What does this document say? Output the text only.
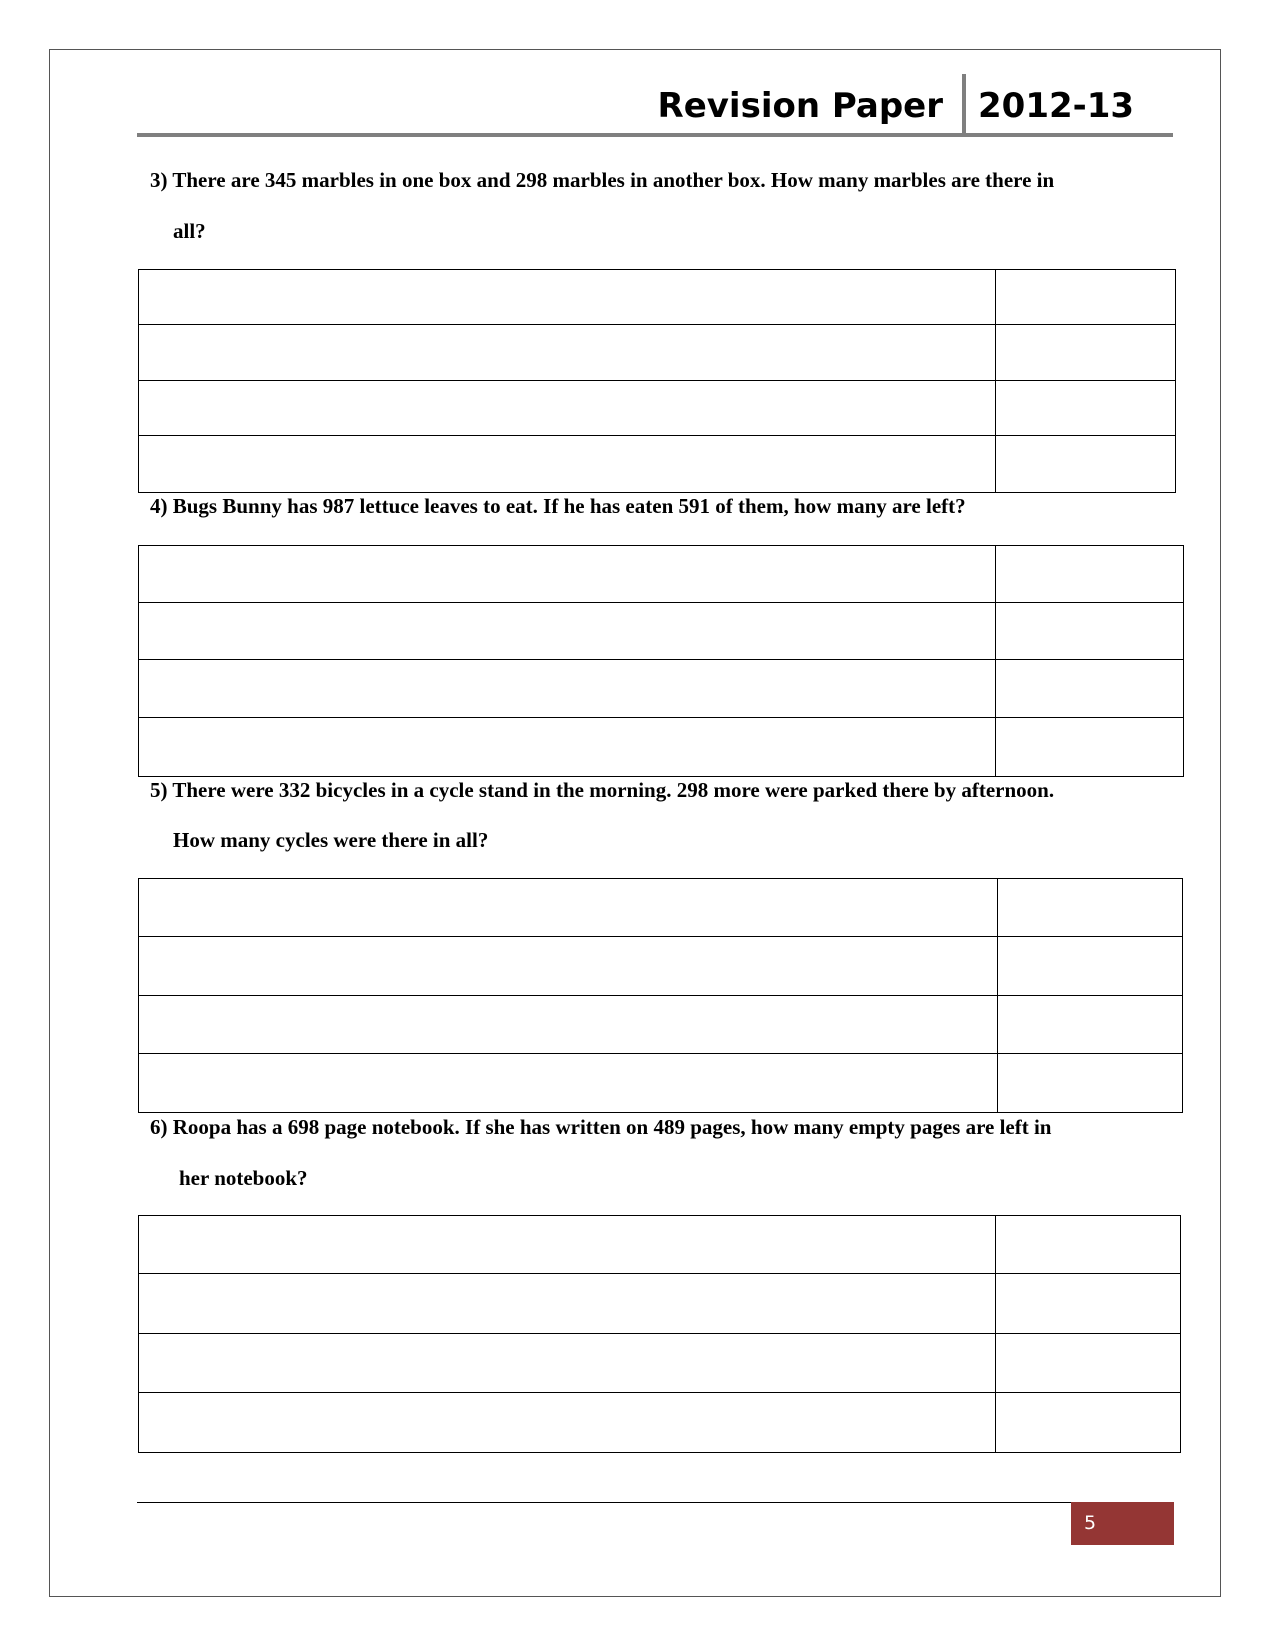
Revision Paper 2012-13
3) There are 345 marbles in one box and 298 marbles in another box. How many marbles are there in
all?

4) Bugs Bunny has 987 lettuce leaves to eat. If he has eaten 591 of them, how many are left?

5) There were 332 bicycles in a cycle stand in the morning. 298 more were parked there by afternoon.
How many cycles were there in all?

6) Roopa has a 698 page notebook. If she has written on 489 pages, how many empty pages are left in
her notebook?

5
